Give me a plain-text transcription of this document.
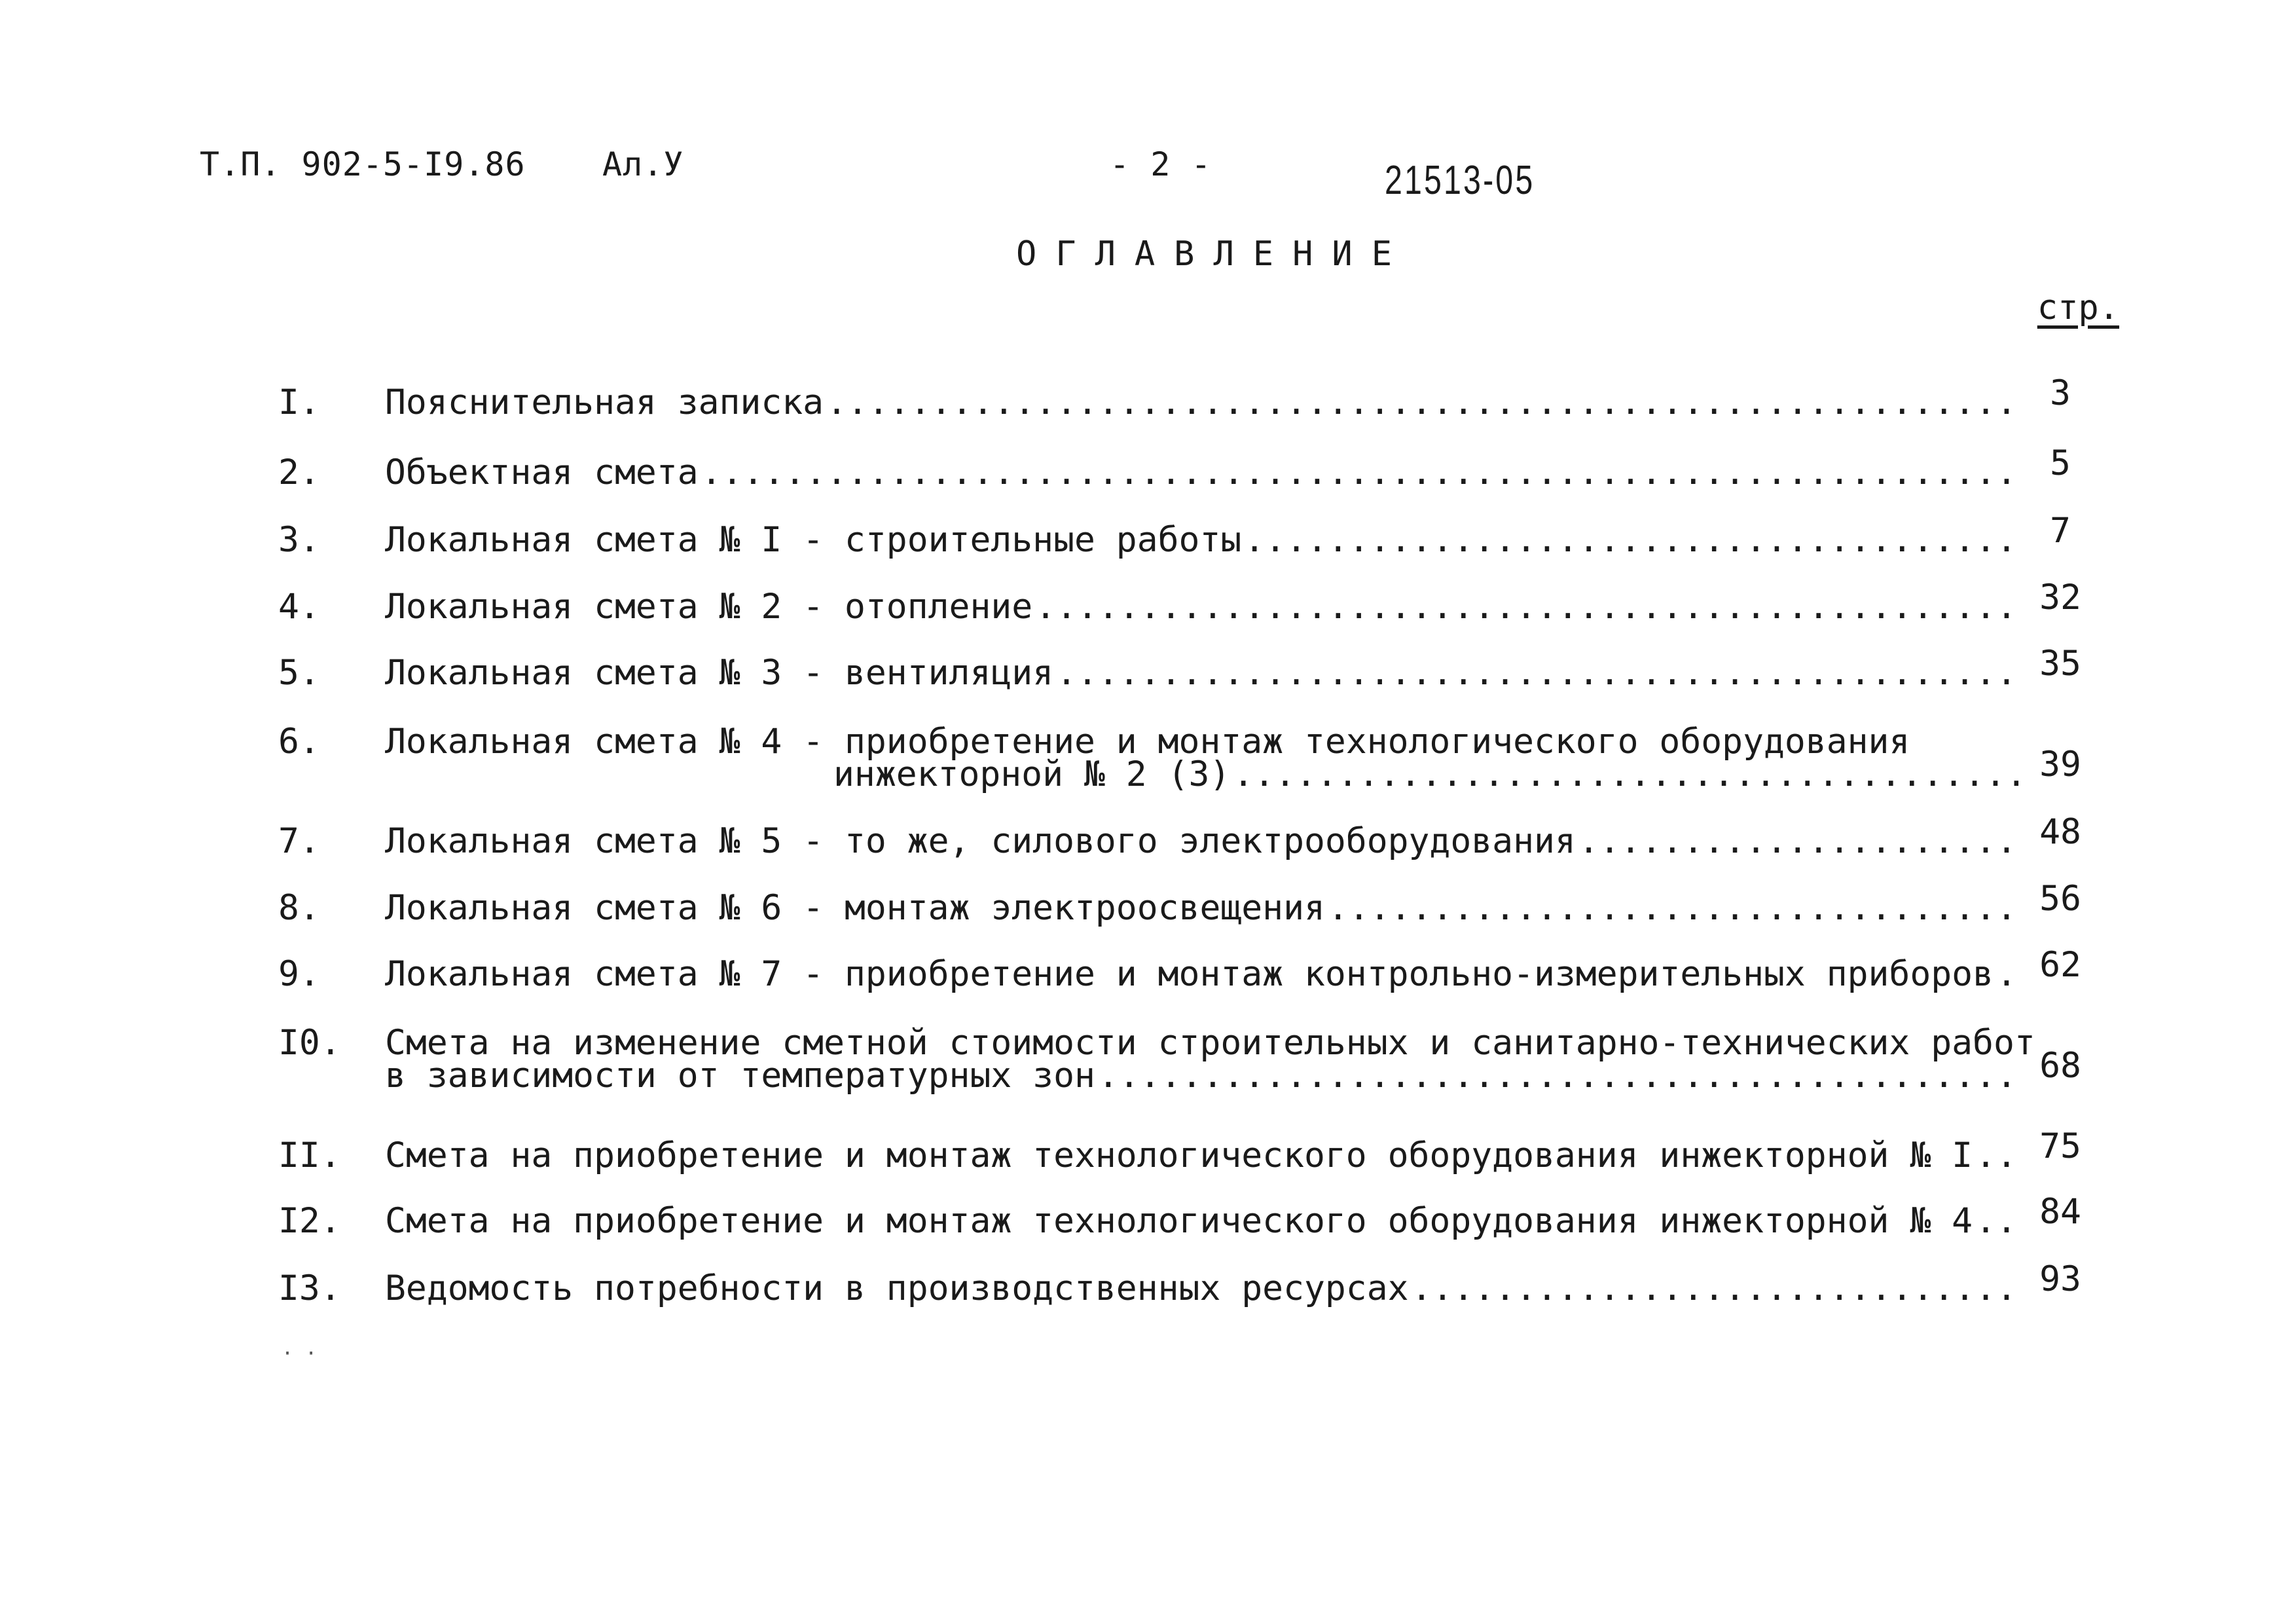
Т.П. 902-5-I9.86 Ал.У	- 2 -	21513-05
ОГЛАВЛЕНИЕ
стр.
I. Пояснительная записка .....	3
2. Объектная смета .....	5
3. Локальная смета № I - строительные работы .....	7
4. Локальная смета № 2 - отопление .....	32
5. Локальная смета № 3 - вентиляция .....	35
6. Локальная смета № 4 - приобретение и монтаж технологического оборудования
инжекторной № 2 (3) .....	39
7. Локальная смета № 5 - то же, силового электрооборудования .....	48
8. Локальная смета № 6 - монтаж электроосвещения .....	56
9. Локальная смета № 7 - приобретение и монтаж контрольно-измерительных приборов .....	62
I0. Смета на изменение сметной стоимости строительных и санитарно-технических работ
в зависимости от температурных зон .....	68
II. Смета на приобретение и монтаж технологического оборудования инжекторной № I .....	75
I2. Смета на приобретение и монтаж технологического оборудования инжекторной № 4 .....	84
I3. Ведомость потребности в производственных ресурсах .....	93
· ·
